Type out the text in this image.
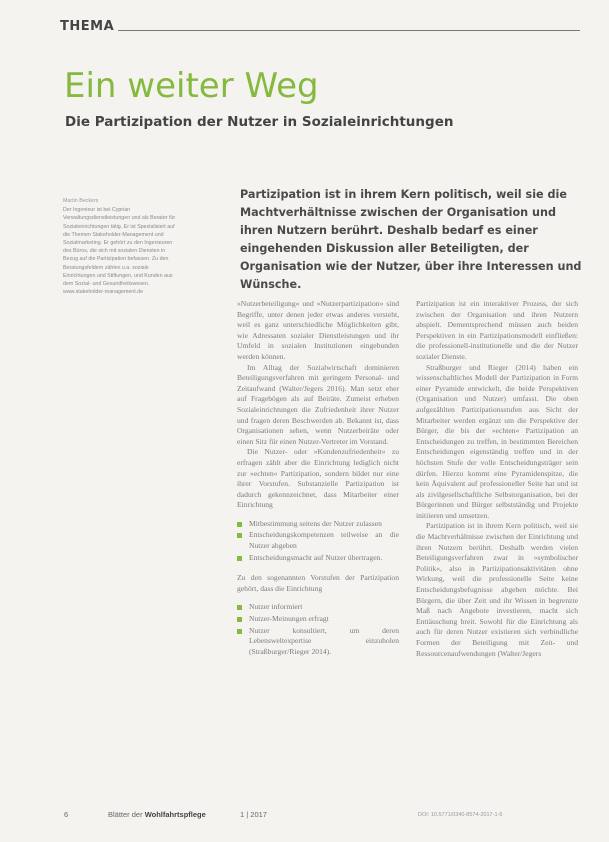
THEMA
Ein weiter Weg
Die Partizipation der Nutzer in Sozialeinrichtungen

Martin Beckers

Der Ingenieur ist bei Cyprian Verwaltungsdienstleistungen und als Berater für Sozialeinrichtungen tätig. Er ist Spezialisiert auf die Themen Stakeholder-Management und Sozialmarketing. Er gehört zu den Ingenieuren des Büros, die sich mit sozialen Diensten in Bezug auf die Partizipation befassen. Zu den Beratungsfeldern zählen u.a. soziale Einrichtungen und Stiftungen, und Kunden aus dem Sozial- und Gesundheitswesen. www.stakeholder-management.de

Partizipation ist in ihrem Kern politisch, weil sie die Machtverhältnisse zwischen der Organisation und ihren Nutzern berührt. Deshalb bedarf es einer eingehenden Diskussion aller Beteiligten, der Organisation wie der Nutzer, über ihre Interessen und Wünsche.

»Nutzerbeteiligung« und »Nutzerpartizipation« sind Begriffe, unter denen jeder etwas anderes versteht, weil es ganz unterschiedliche Möglichkeiten gibt, wie Adressaten sozialer Dienstleistungen und ihr Umfeld in sozialen Institutionen eingebunden werden können.

Im Alltag der Sozialwirtschaft dominieren Beteiligungsverfahren mit geringem Personal- und Zeitaufwand (Walter/Jegers 2016). Man setzt eher auf Fragebögen als auf Beiräte. Zumeist erheben Sozialeinrichtungen die Zufriedenheit ihrer Nutzer und fragen deren Beschwerden ab. Bekannt ist, dass Organisationen sehen, wenn Nutzerbeiräte oder einen Sitz für einen Nutzer-Vertreter im Vorstand.

Die Nutzer- oder »Kundenzufriedenheit« zu erfragen zählt aber die Einrichtung lediglich nicht zur »echten« Partizipation, sondern bildet nur eine ihrer Vorstufen. Substanzielle Partizipation ist dadurch gekennzeichnet, dass Mitarbeiter einer Einrichtung

Mitbestimmung seitens der Nutzer zulassen
Entscheidungskompetenzen teilweise an die Nutzer abgeben
Entscheidungsmacht auf Nutzer übertragen.

Zu den sogenannten Vorstufen der Partizipation gehört, dass die Einrichtung

Nutzer informiert
Nutzer-Meinungen erfragt
Nutzer konsultiert, um deren Lebensweltexpertise einzuholen (Straßburger/Rieger 2014).

Partizipation ist ein interaktiver Prozess, der sich zwischen der Organisation und ihren Nutzern abspielt. Dementsprechend müssen auch beiden Perspektiven in ein Partizipationsmodell einfließen: die professionell-institutionelle und die der Nutzer sozialer Dienste.

Straßburger und Rieger (2014) haben ein wissenschaftliches Modell der Partizipation in Form einer Pyramide entwickelt, die beide Perspektiven (Organisation und Nutzer) umfasst. Die oben aufgezählten Partizipationsstufen aus Sicht der Mitarbeiter werden ergänzt um die Perspektive der Bürger, die bis der »echten« Partizipation an Entscheidungen zu treffen, in bestimmten Bereichen Entscheidungen eigenständig treffen und in der höchsten Stufe der volle Entscheidungsträger sein dürfen. Hierzu kommt eine Pyramidenspitze, die kein Äquivalent auf professioneller Seite hat und ist als zivilgesellschaftliche Selbstorganisation, bei der Bürgerinnen und Bürger selbstständig und Projekte initiieren und umsetzen.

Partizipation ist in ihrem Kern politisch, weil sie die Machtverhältnisse zwischen der Einrichtung und ihren Nutzern berührt. Deshalb werden vielen Beteiligungsverfahren zwar in »symbolischer Politik«, also in Partizipationsaktivitäten ohne Wirkung, weil die professionelle Seite keine Entscheidungsbefugnisse abgeben möchte. Bei Bürgern, die über Zeit und ihr Wissen in begrenzte Maß nach Angebote investieren, macht sich Enttäuschung breit. Sowohl für die Einrichtung als auch für deren Nutzer existieren sich verbindliche Formen der Beteiligung mit Zeit- und Ressourcenaufwendungen (Walter/Jegers

6	Blätter der Wohlfahrtspflege	1 | 2017	DOI: 10.5771/0340-8574-2017-1-6
